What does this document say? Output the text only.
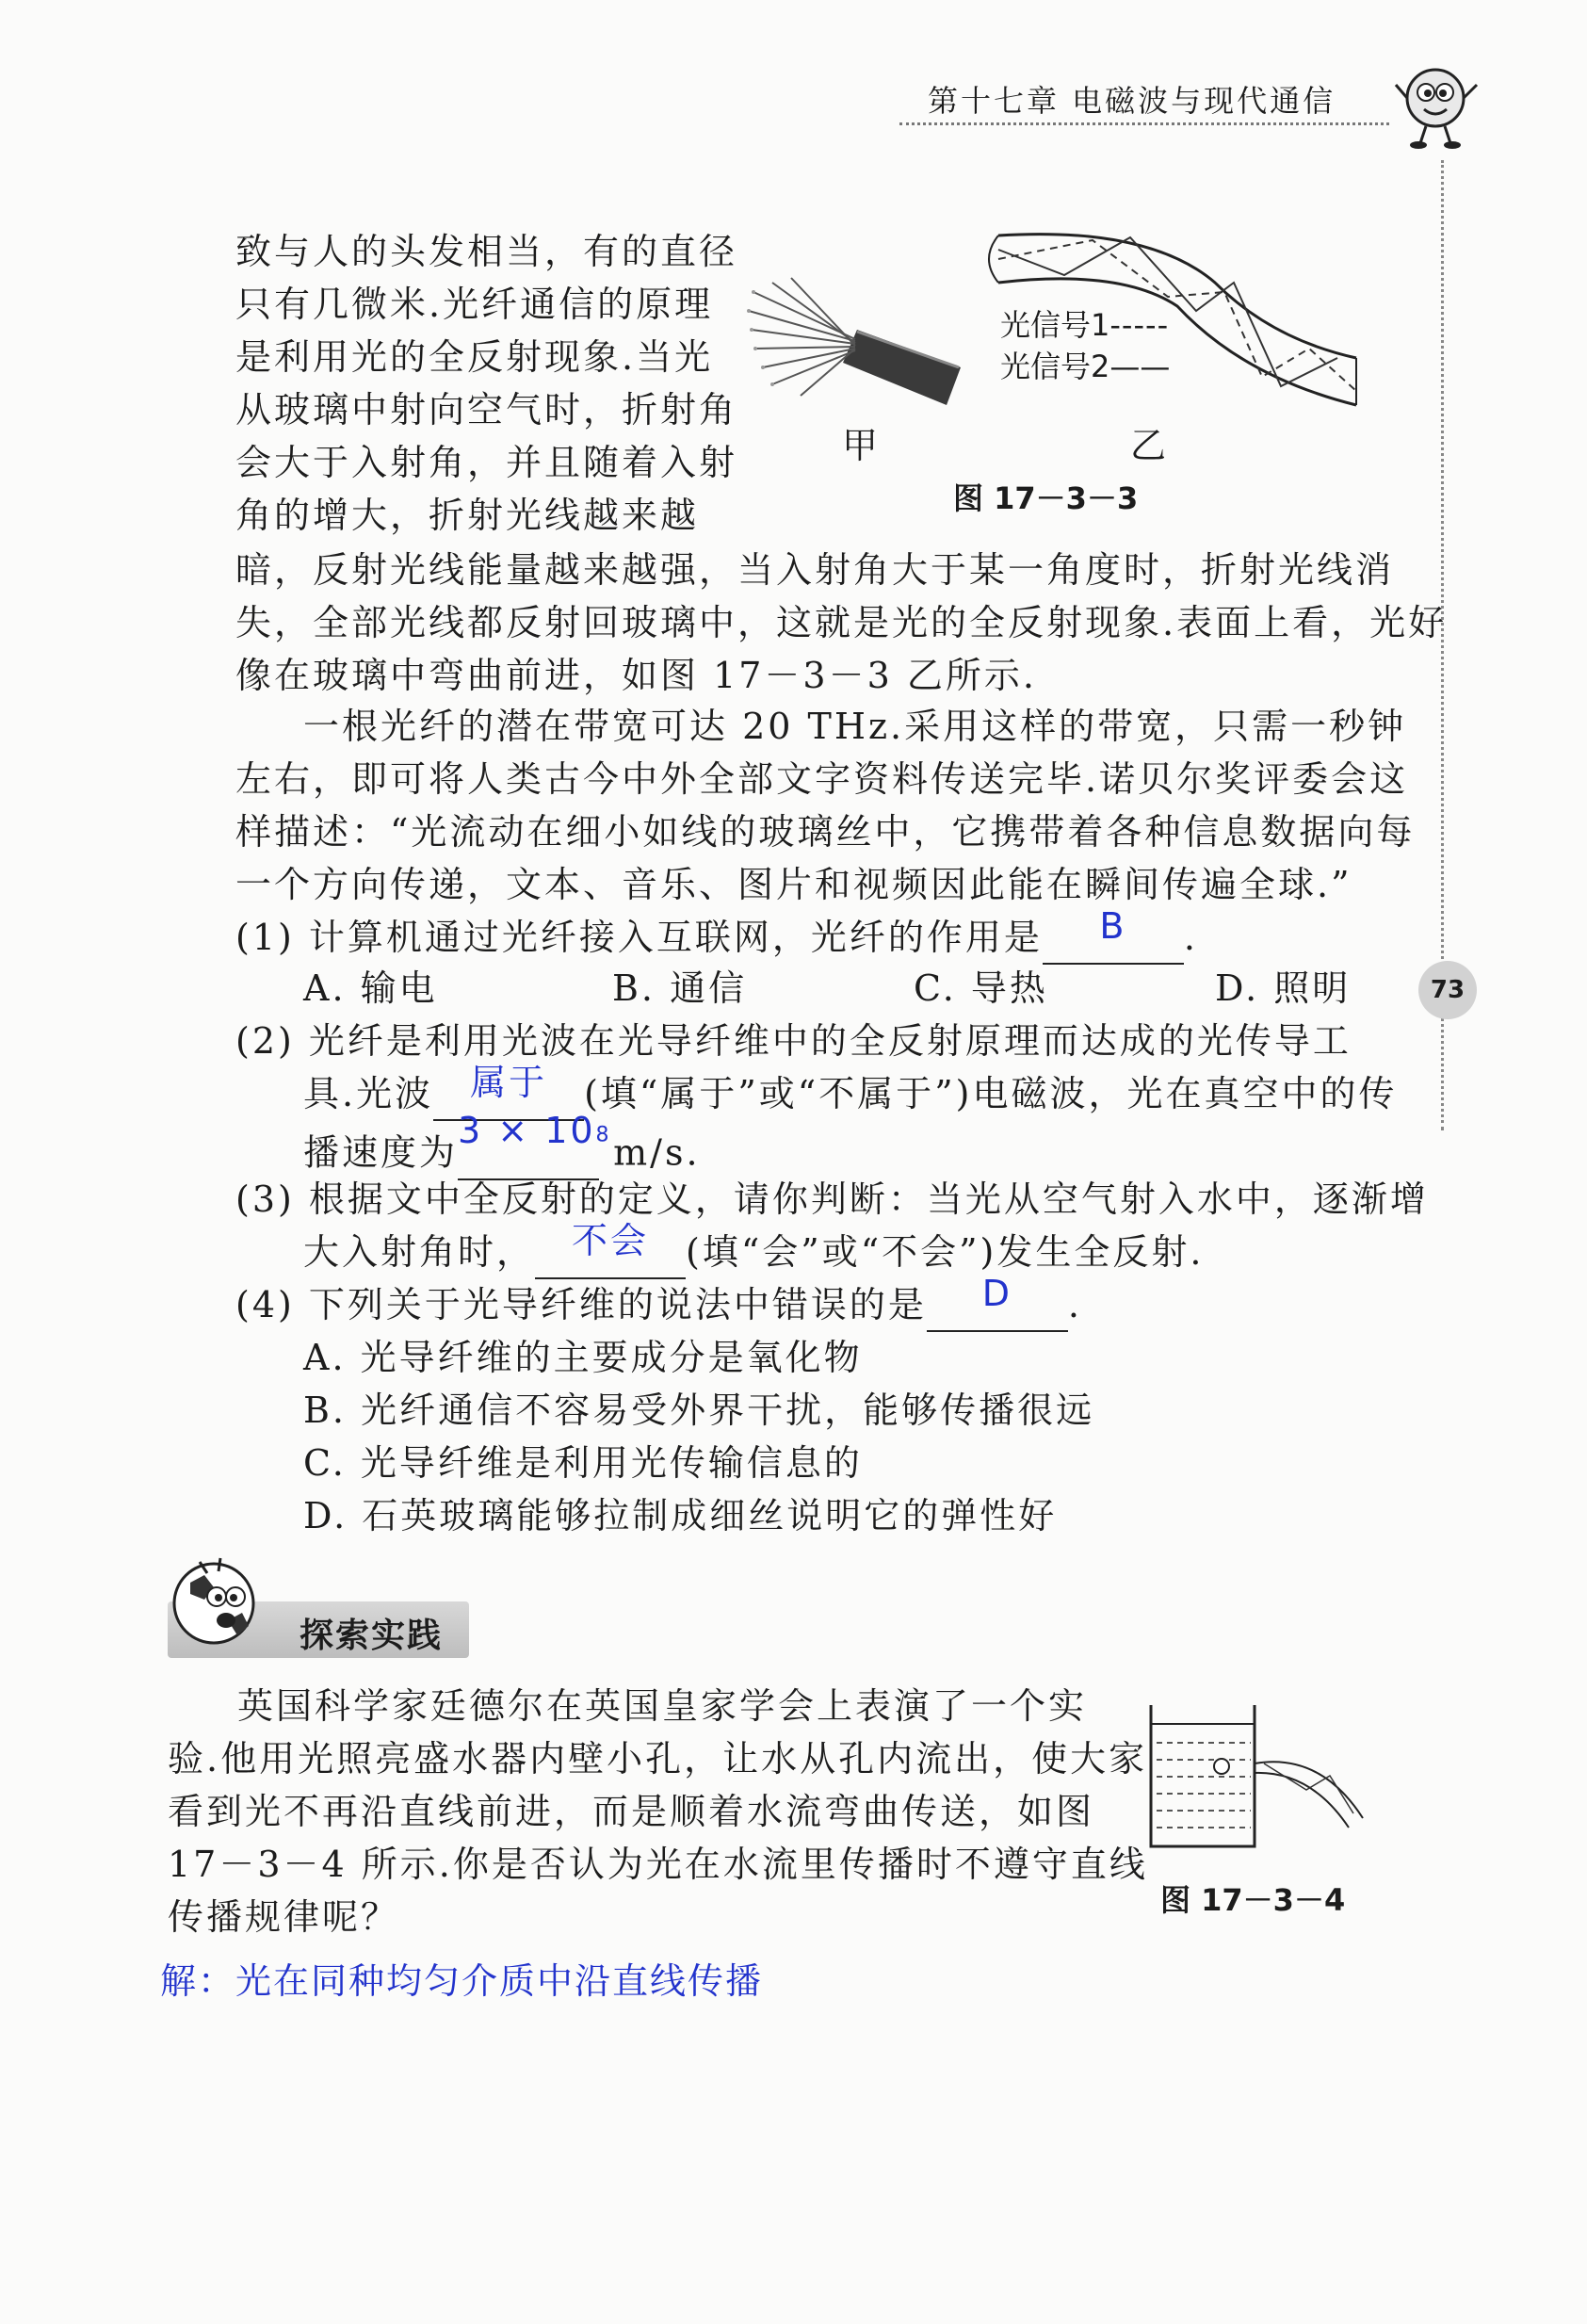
第十七章 电磁波与现代通信
致与人的头发相当，有的直径
只有几微米.光纤通信的原理
是利用光的全反射现象.当光
从玻璃中射向空气时，折射角
会大于入射角，并且随着入射
角的增大，折射光线越来越
甲
光信号1-----
光信号2——
乙
图 17－3－3
暗，反射光线能量越来越强，当入射角大于某一角度时，折射光线消
失，全部光线都反射回玻璃中，这就是光的全反射现象.表面上看，光好
像在玻璃中弯曲前进，如图 17－3－3 乙所示.
一根光纤的潜在带宽可达 20 THz.采用这样的带宽，只需一秒钟
左右，即可将人类古今中外全部文字资料传送完毕.诺贝尔奖评委会这
样描述：“光流动在细小如线的玻璃丝中，它携带着各种信息数据向每
一个方向传递，文本、音乐、图片和视频因此能在瞬间传遍全球.”
(1) 计算机通过光纤接入互联网，光纤的作用是 B .
A. 输电	B. 通信	C. 导热	D. 照明	73
(2) 光纤是利用光波在光导纤维中的全反射原理而达成的光传导工
具.光波 属于 (填“属于”或“不属于”)电磁波，光在真空中的传
播速度为$3 \times 10^8$ m/s.
(3) 根据文中全反射的定义，请你判断：当光从空气射入水中，逐渐增
大入射角时， 不会 (填“会”或“不会”)发生全反射.
(4) 下列关于光导纤维的说法中错误的是 D .
A. 光导纤维的主要成分是氧化物
B. 光纤通信不容易受外界干扰，能够传播很远
C. 光导纤维是利用光传输信息的
D. 石英玻璃能够拉制成细丝说明它的弹性好
探索实践
英国科学家廷德尔在英国皇家学会上表演了一个实
验.他用光照亮盛水器内壁小孔，让水从孔内流出，使大家
看到光不再沿直线前进，而是顺着水流弯曲传送，如图
17－3－4 所示.你是否认为光在水流里传播时不遵守直线
传播规律呢？	图 17－3－4
解：光在同种均匀介质中沿直线传播
